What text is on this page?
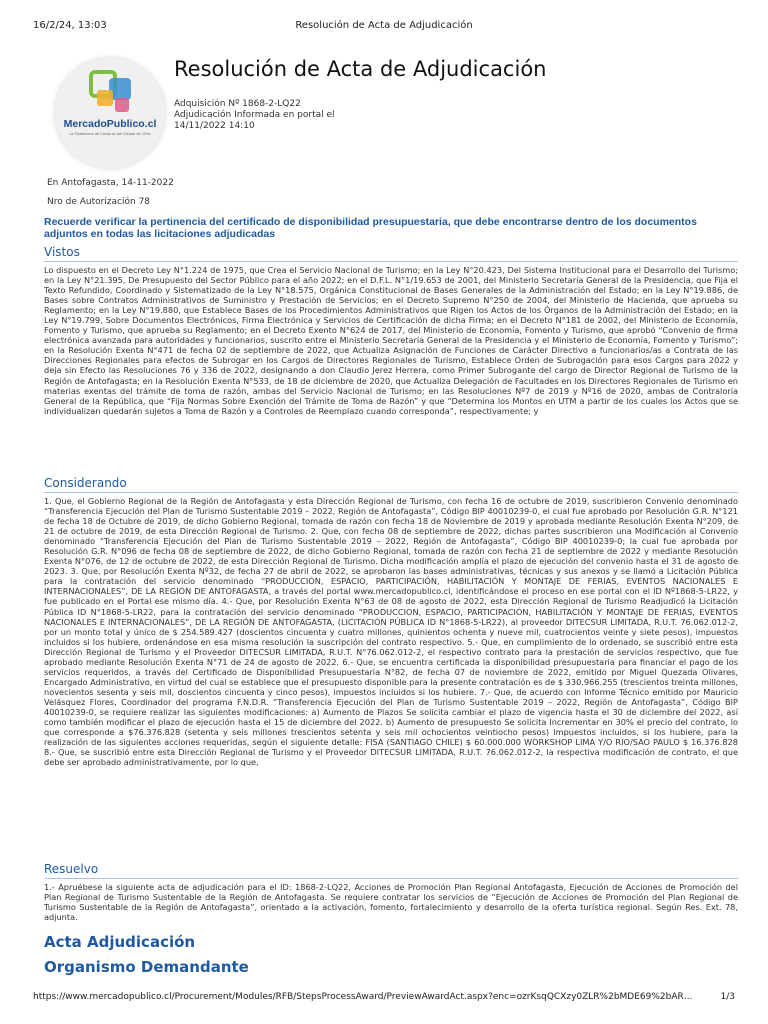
16/2/24, 13:03	Resolución de Acta de Adjudicación
MercadoPublico.cl
La Plataforma de Compras del Estado de Chile
Resolución de Acta de Adjudicación
Adquisición Nº 1868-2-LQ22
Adjudicación Informada en portal el
14/11/2022 14:10
En Antofagasta, 14-11-2022
Nro de Autorización 78
Recuerde verificar la pertinencia del certificado de disponibilidad presupuestaria, que debe encontrarse dentro de los documentos adjuntos en todas las licitaciones adjudicadas
Vistos

Lo dispuesto en el Decreto Ley N°1.224 de 1975, que Crea el Servicio Nacional de Turismo; en la Ley N°20.423, Del Sistema Institucional para el Desarrollo del Turismo; en la Ley N°21.395, De Presupuesto del Sector Público para el año 2022; en el D.F.L. N°1/19.653 de 2001, del Ministerio Secretaría General de la Presidencia, que Fija el Texto Refundido, Coordinado y Sistematizado de la Ley N°18.575, Orgánica Constitucional de Bases Generales de la Administración del Estado; en la Ley N°19.886, de Bases sobre Contratos Administrativos de Suministro y Prestación de Servicios; en el Decreto Supremo N°250 de 2004, del Ministerio de Hacienda, que aprueba su Reglamento; en la Ley N°19.880, que Establece Bases de los Procedimientos Administrativos que Rigen los Actos de los Órganos de la Administración del Estado; en la Ley N°19.799, Sobre Documentos Electrónicos, Firma Electrónica y Servicios de Certificación de dicha Firma; en el Decreto N°181 de 2002, del Ministerio de Economía, Fomento y Turismo, que aprueba su Reglamento; en el Decreto Exento N°624 de 2017, del Ministerio de Economía, Fomento y Turismo, que aprobó “Convenio de firma electrónica avanzada para autoridades y funcionarios, suscrito entre el Ministerio Secretaría General de la Presidencia y el Ministerio de Economía, Fomento y Turismo”; en la Resolución Exenta N°471 de fecha 02 de septiembre de 2022, que Actualiza Asignación de Funciones de Carácter Directivo a funcionarios/as a Contrata de las Direcciones Regionales para efectos de Subrogar en los Cargos de Directores Regionales de Turismo, Establece Orden de Subrogación para esos Cargos para 2022 y deja sin Efecto las Resoluciones 76 y 336 de 2022, designando a don Claudio Jerez Herrera, como Primer Subrogante del cargo de Director Regional de Turismo de la Región de Antofagasta; en la Resolución Exenta N°533, de 18 de diciembre de 2020, que Actualiza Delegación de Facultades en los Directores Regionales de Turismo en materias exentas del trámite de toma de razón, ambas del Servicio Nacional de Turismo; en las Resoluciones Nº7 de 2019 y Nº16 de 2020, ambas de Contraloría General de la República, que “Fija Normas Sobre Exención del Trámite de Toma de Razón” y que “Determina los Montos en UTM a partir de los cuales los Actos que se individualizan quedarán sujetos a Toma de Razón y a Controles de Reemplazo cuando corresponda”, respectivamente; y

Considerando

1. Que, el Gobierno Regional de la Región de Antofagasta y esta Dirección Regional de Turismo, con fecha 16 de octubre de 2019, suscribieron Convenio denominado “Transferencia Ejecución del Plan de Turismo Sustentable 2019 – 2022, Región de Antofagasta”, Código BIP 40010239-0, el cual fue aprobado por Resolución G.R. N°121 de fecha 18 de Octubre de 2019, de dicho Gobierno Regional, tomada de razón con fecha 18 de Noviembre de 2019 y aprobada mediante Resolución Exenta N°209, de 21 de octubre de 2019, de esta Dirección Regional de Turismo. 2. Que, con fecha 08 de septiembre de 2022, dichas partes suscribieron una Modificación al Convenio denominado “Transferencia Ejecución del Plan de Turismo Sustentable 2019 – 2022, Región de Antofagasta”, Código BIP 40010239-0; la cual fue aprobada por Resolución G.R. N°096 de fecha 08 de septiembre de 2022, de dicho Gobierno Regional, tomada de razón con fecha 21 de septiembre de 2022 y mediante Resolución Exenta N°076, de 12 de octubre de 2022, de esta Dirección Regional de Turismo. Dicha modificación amplía el plazo de ejecución del convenio hasta el 31 de agosto de 2023. 3. Que, por Resolución Exenta Nº32, de fecha 27 de abril de 2022, se aprobaron las bases administrativas, técnicas y sus anexos y se llamó a Licitación Pública para la contratación del servicio denominado “PRODUCCIÓN, ESPACIO, PARTICIPACIÓN, HABILITACIÓN Y MONTAJE DE FERIAS, EVENTOS NACIONALES E INTERNACIONALES”, DE LA REGIÓN DE ANTOFAGASTA, a través del portal www.mercadopublico.cl, identificándose el proceso en ese portal con el ID Nº1868-5-LR22, y fue publicado en el Portal ese mismo día. 4.- Que, por Resolución Exenta N°63 de 08 de agosto de 2022, esta Dirección Regional de Turismo Readjudicó la Licitación Pública ID N°1868-5-LR22, para la contratación del servicio denominado “PRODUCCION, ESPACIO, PARTICIPACIÓN, HABILITACIÓN Y MONTAJE DE FERIAS, EVENTOS NACIONALES E INTERNACIONALES”, DE LA REGIÓN DE ANTOFAGASTA, (LICITACIÓN PÚBLICA ID N°1868-5-LR22), al proveedor DITECSUR LIMITADA, R.U.T. 76.062.012-2, por un monto total y único de $ 254.589.427 (doscientos cincuenta y cuatro millones, quinientos ochenta y nueve mil, cuatrocientos veinte y siete pesos), impuestos incluidos si los hubiere, ordenándose en esa misma resolución la suscripción del contrato respectivo. 5.- Que, en cumplimiento de lo ordenado, se suscribió entre esta Dirección Regional de Turismo y el Proveedor DITECSUR LIMITADA, R.U.T. N°76.062.012-2, el respectivo contrato para la prestación de servicios respectivo, que fue aprobado mediante Resolución Exenta N°71 de 24 de agosto de 2022. 6.- Que, se encuentra certificada la disponibilidad presupuestaria para financiar el pago de los servicios requeridos, a través del Certificado de Disponibilidad Presupuestaria N°82, de fecha 07 de noviembre de 2022, emitido por Miguel Quezada Olivares, Encargado Administrativo, en virtud del cual se establece que el presupuesto disponible para la presente contratación es de $ 330.966.255 (trescientos treinta millones, novecientos sesenta y seis mil, doscientos cincuenta y cinco pesos), impuestos incluidos si los hubiere. 7.- Que, de acuerdo con Informe Técnico emitido por Mauricio Velásquez Flores, Coordinador del programa F.N.D.R. “Transferencia Ejecución del Plan de Turismo Sustentable 2019 – 2022, Región de Antofagasta”, Código BIP 40010239-0, se requiere realizar las siguientes modificaciones: a) Aumento de Plazos Se solicita cambiar el plazo de vigencia hasta el 30 de diciembre del 2022, así como también modificar el plazo de ejecución hasta el 15 de diciembre del 2022. b) Aumento de presupuesto Se solicita Incrementar en 30% el precio del contrato, lo que corresponde a $76.376.828 (setenta y seis millones trescientos setenta y seis mil ochocientos veintiocho pesos) impuestos incluidos, si los hubiere, para la realización de las siguientes acciones requeridas, según el siguiente detalle: FISA (SANTIAGO CHILE) $ 60.000.000 WORKSHOP LIMA Y/O RIO/SAO PAULO $ 16.376.828 8.- Que, se suscribió entre esta Dirección Regional de Turismo y el Proveedor DITECSUR LIMITADA, R.U.T. 76.062.012-2, la respectiva modificación de contrato, el que debe ser aprobado administrativamente, por lo que,

Resuelvo

1.- Apruébese la siguiente acta de adjudicación para el ID: 1868-2-LQ22, Acciones de Promoción Plan Regional Antofagasta, Ejecución de Acciones de Promoción del Plan Regional de Turismo Sustentable de la Región de Antofagasta. Se requiere contratar los servicios de “Ejecución de Acciones de Promoción del Plan Regional de Turismo Sustentable de la Región de Antofagasta”, orientado a la activación, fomento, fortalecimiento y desarrollo de la oferta turística regional. Según Res. Ext. 78, adjunta.

Acta Adjudicación
Organismo Demandante
https://www.mercadopublico.cl/Procurement/Modules/RFB/StepsProcessAward/PreviewAwardAct.aspx?enc=ozrKsqQCXzy0ZLR%2bMDE69%2bAR…	1/3
